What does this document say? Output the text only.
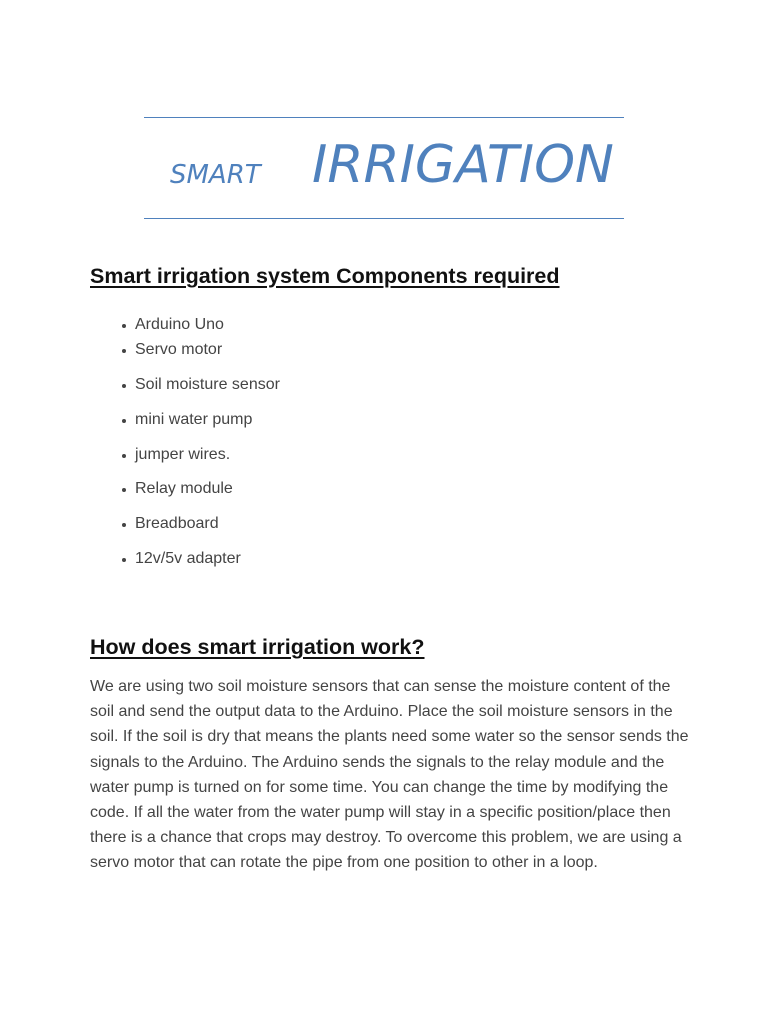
SMART IRRIGATION
Smart irrigation system Components required
Arduino Uno
Servo motor
Soil moisture sensor
mini water pump
jumper wires.
Relay module
Breadboard
12v/5v adapter
How does smart irrigation work?

We are using two soil moisture sensors that can sense the moisture content of the soil and send the output data to the Arduino. Place the soil moisture sensors in the soil. If the soil is dry that means the plants need some water so the sensor sends the signals to the Arduino. The Arduino sends the signals to the relay module and the water pump is turned on for some time. You can change the time by modifying the code. If all the water from the water pump will stay in a specific position/place then there is a chance that crops may destroy. To overcome this problem, we are using a servo motor that can rotate the pipe from one position to other in a loop.
